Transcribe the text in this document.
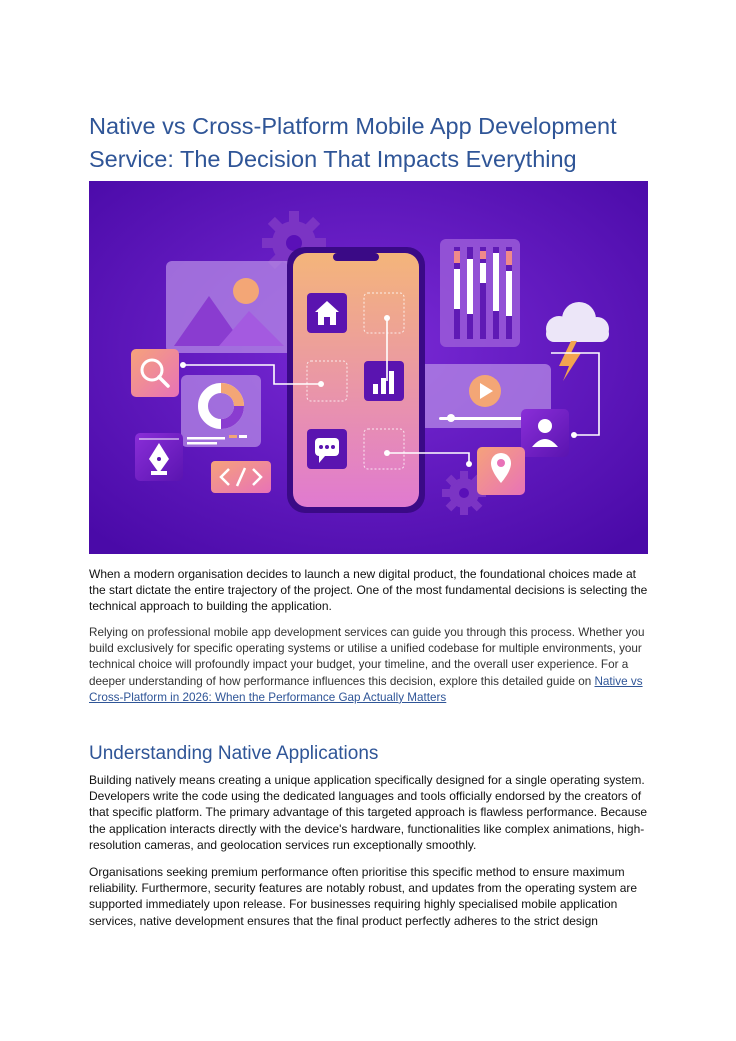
Native vs Cross-Platform Mobile App Development Service: The Decision That Impacts Everything

When a modern organisation decides to launch a new digital product, the foundational choices made at the start dictate the entire trajectory of the project. One of the most fundamental decisions is selecting the technical approach to building the application.

Relying on professional mobile app development services can guide you through this process. Whether you build exclusively for specific operating systems or utilise a unified codebase for multiple environments, your technical choice will profoundly impact your budget, your timeline, and the overall user experience. For a deeper understanding of how performance influences this decision, explore this detailed guide on Native vs Cross-Platform in 2026: When the Performance Gap Actually Matters

Understanding Native Applications

Building natively means creating a unique application specifically designed for a single operating system. Developers write the code using the dedicated languages and tools officially endorsed by the creators of that specific platform. The primary advantage of this targeted approach is flawless performance. Because the application interacts directly with the device's hardware, functionalities like complex animations, high-resolution cameras, and geolocation services run exceptionally smoothly.

Organisations seeking premium performance often prioritise this specific method to ensure maximum reliability. Furthermore, security features are notably robust, and updates from the operating system are supported immediately upon release. For businesses requiring highly specialised mobile application services, native development ensures that the final product perfectly adheres to the strict design
